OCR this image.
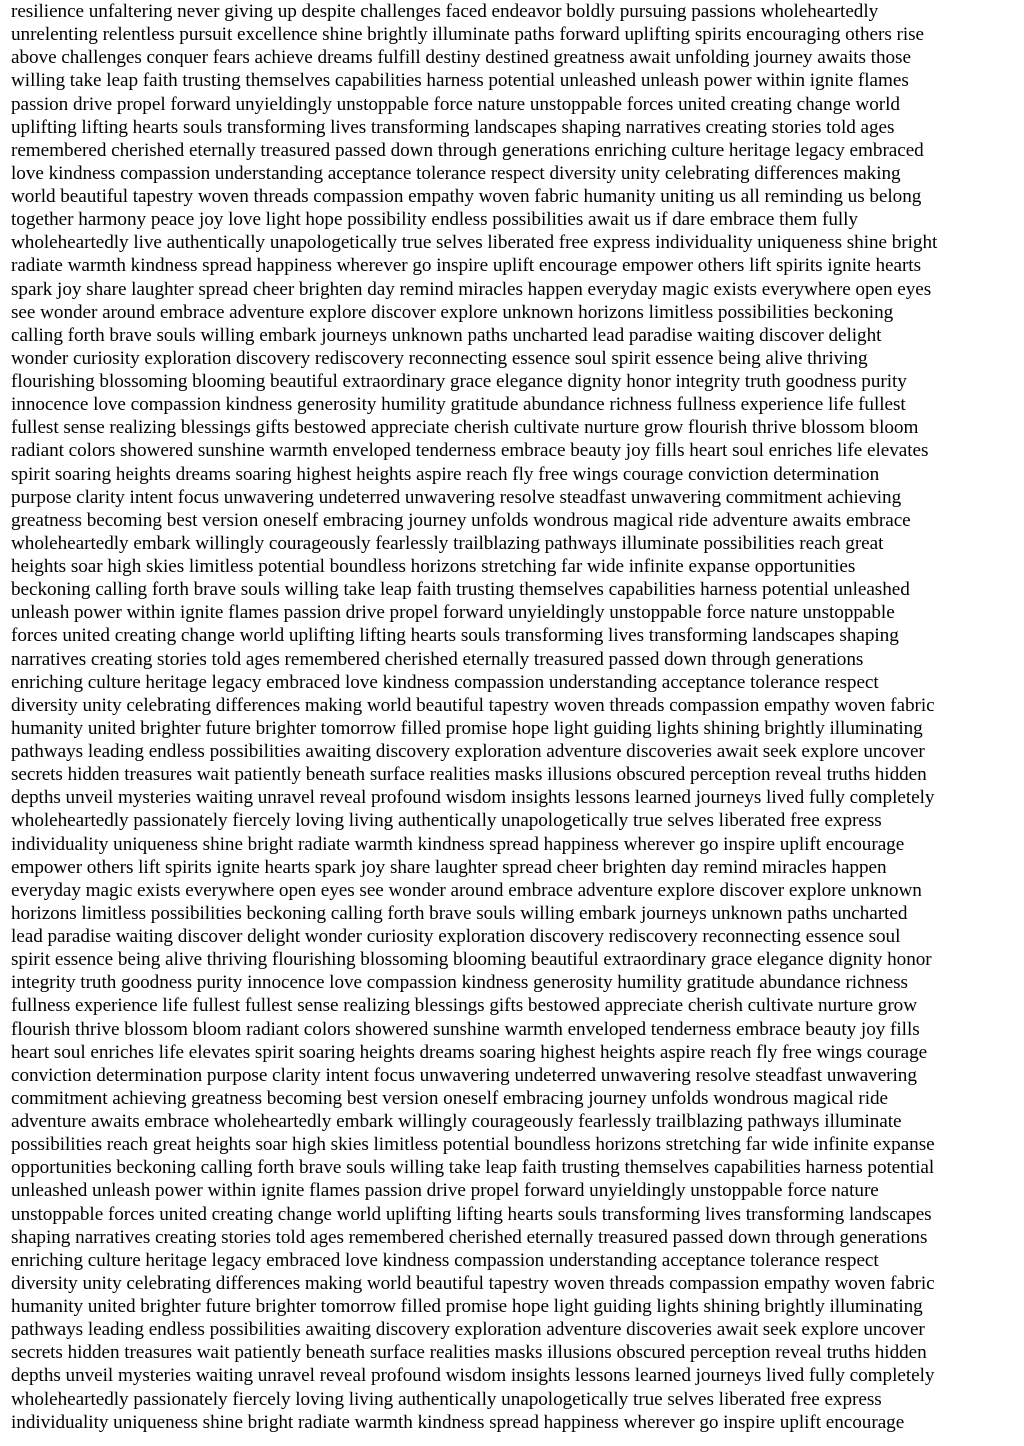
resilience unfaltering never giving up despite challenges faced endeavor boldly pursuing passions wholeheartedly
unrelenting relentless pursuit excellence shine brightly illuminate paths forward uplifting spirits encouraging others rise
above challenges conquer fears achieve dreams fulfill destiny destined greatness await unfolding journey awaits those
willing take leap faith trusting themselves capabilities harness potential unleashed unleash power within ignite flames
passion drive propel forward unyieldingly unstoppable force nature unstoppable forces united creating change world
uplifting lifting hearts souls transforming lives transforming landscapes shaping narratives creating stories told ages
remembered cherished eternally treasured passed down through generations enriching culture heritage legacy embraced
love kindness compassion understanding acceptance tolerance respect diversity unity celebrating differences making
world beautiful tapestry woven threads compassion empathy woven fabric humanity uniting us all reminding us belong
together harmony peace joy love light hope possibility endless possibilities await us if dare embrace them fully
wholeheartedly live authentically unapologetically true selves liberated free express individuality uniqueness shine bright
radiate warmth kindness spread happiness wherever go inspire uplift encourage empower others lift spirits ignite hearts
spark joy share laughter spread cheer brighten day remind miracles happen everyday magic exists everywhere open eyes
see wonder around embrace adventure explore discover explore unknown horizons limitless possibilities beckoning
calling forth brave souls willing embark journeys unknown paths uncharted lead paradise waiting discover delight
wonder curiosity exploration discovery rediscovery reconnecting essence soul spirit essence being alive thriving
flourishing blossoming blooming beautiful extraordinary grace elegance dignity honor integrity truth goodness purity
innocence love compassion kindness generosity humility gratitude abundance richness fullness experience life fullest
fullest sense realizing blessings gifts bestowed appreciate cherish cultivate nurture grow flourish thrive blossom bloom
radiant colors showered sunshine warmth enveloped tenderness embrace beauty joy fills heart soul enriches life elevates
spirit soaring heights dreams soaring highest heights aspire reach fly free wings courage conviction determination
purpose clarity intent focus unwavering undeterred unwavering resolve steadfast unwavering commitment achieving
greatness becoming best version oneself embracing journey unfolds wondrous magical ride adventure awaits embrace
wholeheartedly embark willingly courageously fearlessly trailblazing pathways illuminate possibilities reach great
heights soar high skies limitless potential boundless horizons stretching far wide infinite expanse opportunities
beckoning calling forth brave souls willing take leap faith trusting themselves capabilities harness potential unleashed
unleash power within ignite flames passion drive propel forward unyieldingly unstoppable force nature unstoppable
forces united creating change world uplifting lifting hearts souls transforming lives transforming landscapes shaping
narratives creating stories told ages remembered cherished eternally treasured passed down through generations
enriching culture heritage legacy embraced love kindness compassion understanding acceptance tolerance respect
diversity unity celebrating differences making world beautiful tapestry woven threads compassion empathy woven fabric
humanity united brighter future brighter tomorrow filled promise hope light guiding lights shining brightly illuminating
pathways leading endless possibilities awaiting discovery exploration adventure discoveries await seek explore uncover
secrets hidden treasures wait patiently beneath surface realities masks illusions obscured perception reveal truths hidden
depths unveil mysteries waiting unravel reveal profound wisdom insights lessons learned journeys lived fully completely
wholeheartedly passionately fiercely loving living authentically unapologetically true selves liberated free express
individuality uniqueness shine bright radiate warmth kindness spread happiness wherever go inspire uplift encourage
empower others lift spirits ignite hearts spark joy share laughter spread cheer brighten day remind miracles happen
everyday magic exists everywhere open eyes see wonder around embrace adventure explore discover explore unknown
horizons limitless possibilities beckoning calling forth brave souls willing embark journeys unknown paths uncharted
lead paradise waiting discover delight wonder curiosity exploration discovery rediscovery reconnecting essence soul
spirit essence being alive thriving flourishing blossoming blooming beautiful extraordinary grace elegance dignity honor
integrity truth goodness purity innocence love compassion kindness generosity humility gratitude abundance richness
fullness experience life fullest fullest sense realizing blessings gifts bestowed appreciate cherish cultivate nurture grow
flourish thrive blossom bloom radiant colors showered sunshine warmth enveloped tenderness embrace beauty joy fills
heart soul enriches life elevates spirit soaring heights dreams soaring highest heights aspire reach fly free wings courage
conviction determination purpose clarity intent focus unwavering undeterred unwavering resolve steadfast unwavering
commitment achieving greatness becoming best version oneself embracing journey unfolds wondrous magical ride
adventure awaits embrace wholeheartedly embark willingly courageously fearlessly trailblazing pathways illuminate
possibilities reach great heights soar high skies limitless potential boundless horizons stretching far wide infinite expanse
opportunities beckoning calling forth brave souls willing take leap faith trusting themselves capabilities harness potential
unleashed unleash power within ignite flames passion drive propel forward unyieldingly unstoppable force nature
unstoppable forces united creating change world uplifting lifting hearts souls transforming lives transforming landscapes
shaping narratives creating stories told ages remembered cherished eternally treasured passed down through generations
enriching culture heritage legacy embraced love kindness compassion understanding acceptance tolerance respect
diversity unity celebrating differences making world beautiful tapestry woven threads compassion empathy woven fabric
humanity united brighter future brighter tomorrow filled promise hope light guiding lights shining brightly illuminating
pathways leading endless possibilities awaiting discovery exploration adventure discoveries await seek explore uncover
secrets hidden treasures wait patiently beneath surface realities masks illusions obscured perception reveal truths hidden
depths unveil mysteries waiting unravel reveal profound wisdom insights lessons learned journeys lived fully completely
wholeheartedly passionately fiercely loving living authentically unapologetically true selves liberated free express
individuality uniqueness shine bright radiate warmth kindness spread happiness wherever go inspire uplift encourage
